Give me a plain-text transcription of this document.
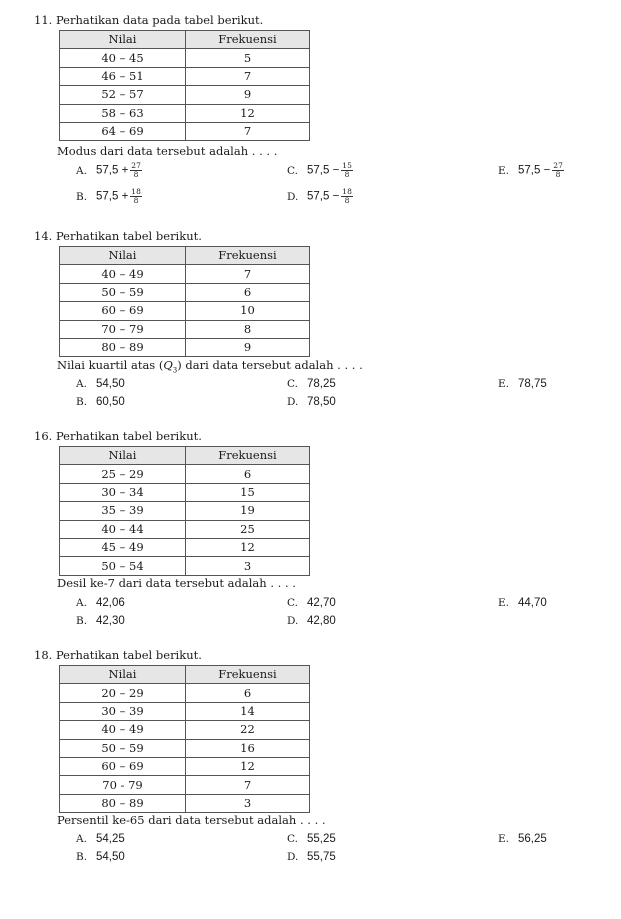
11. Perhatikan data pada tabel berikut.
Nilai	Frekuensi
40 – 45	5
46 – 51	7
52 – 57	9
58 – 63	12
64 – 69	7
Modus dari data tersebut adalah . . . .
A. $57,5 + \frac{27}{8}$
B. $57,5 + \frac{18}{8}$
C. $57,5 - \frac{15}{8}$
D. $57,5 - \frac{18}{8}$
E. $57,5 - \frac{27}{8}$
14. Perhatikan tabel berikut.
Nilai	Frekuensi
40 – 49	7
50 – 59	6
60 – 69	10
70 – 79	8
80 – 89	9
Nilai kuartil atas $(Q_3)$ dari data tersebut adalah . . . .
A. 54,50
B. 60,50
C. 78,25
D. 78,50
E. 78,75
16. Perhatikan tabel berikut.
Nilai	Frekuensi
25 – 29	6
30 – 34	15
35 – 39	19
40 – 44	25
45 – 49	12
50 – 54	3
Desil ke-7 dari data tersebut adalah . . . .
A. 42,06
B. 42,30
C. 42,70
D. 42,80
E. 44,70
18. Perhatikan tabel berikut.
Nilai	Frekuensi
20 – 29	6
30 – 39	14
40 – 49	22
50 – 59	16
60 – 69	12
70 - 79	7
80 – 89	3
Persentil ke-65 dari data tersebut adalah . . . .
A. 54,25
B. 54,50
C. 55,25
D. 55,75
E. 56,25
